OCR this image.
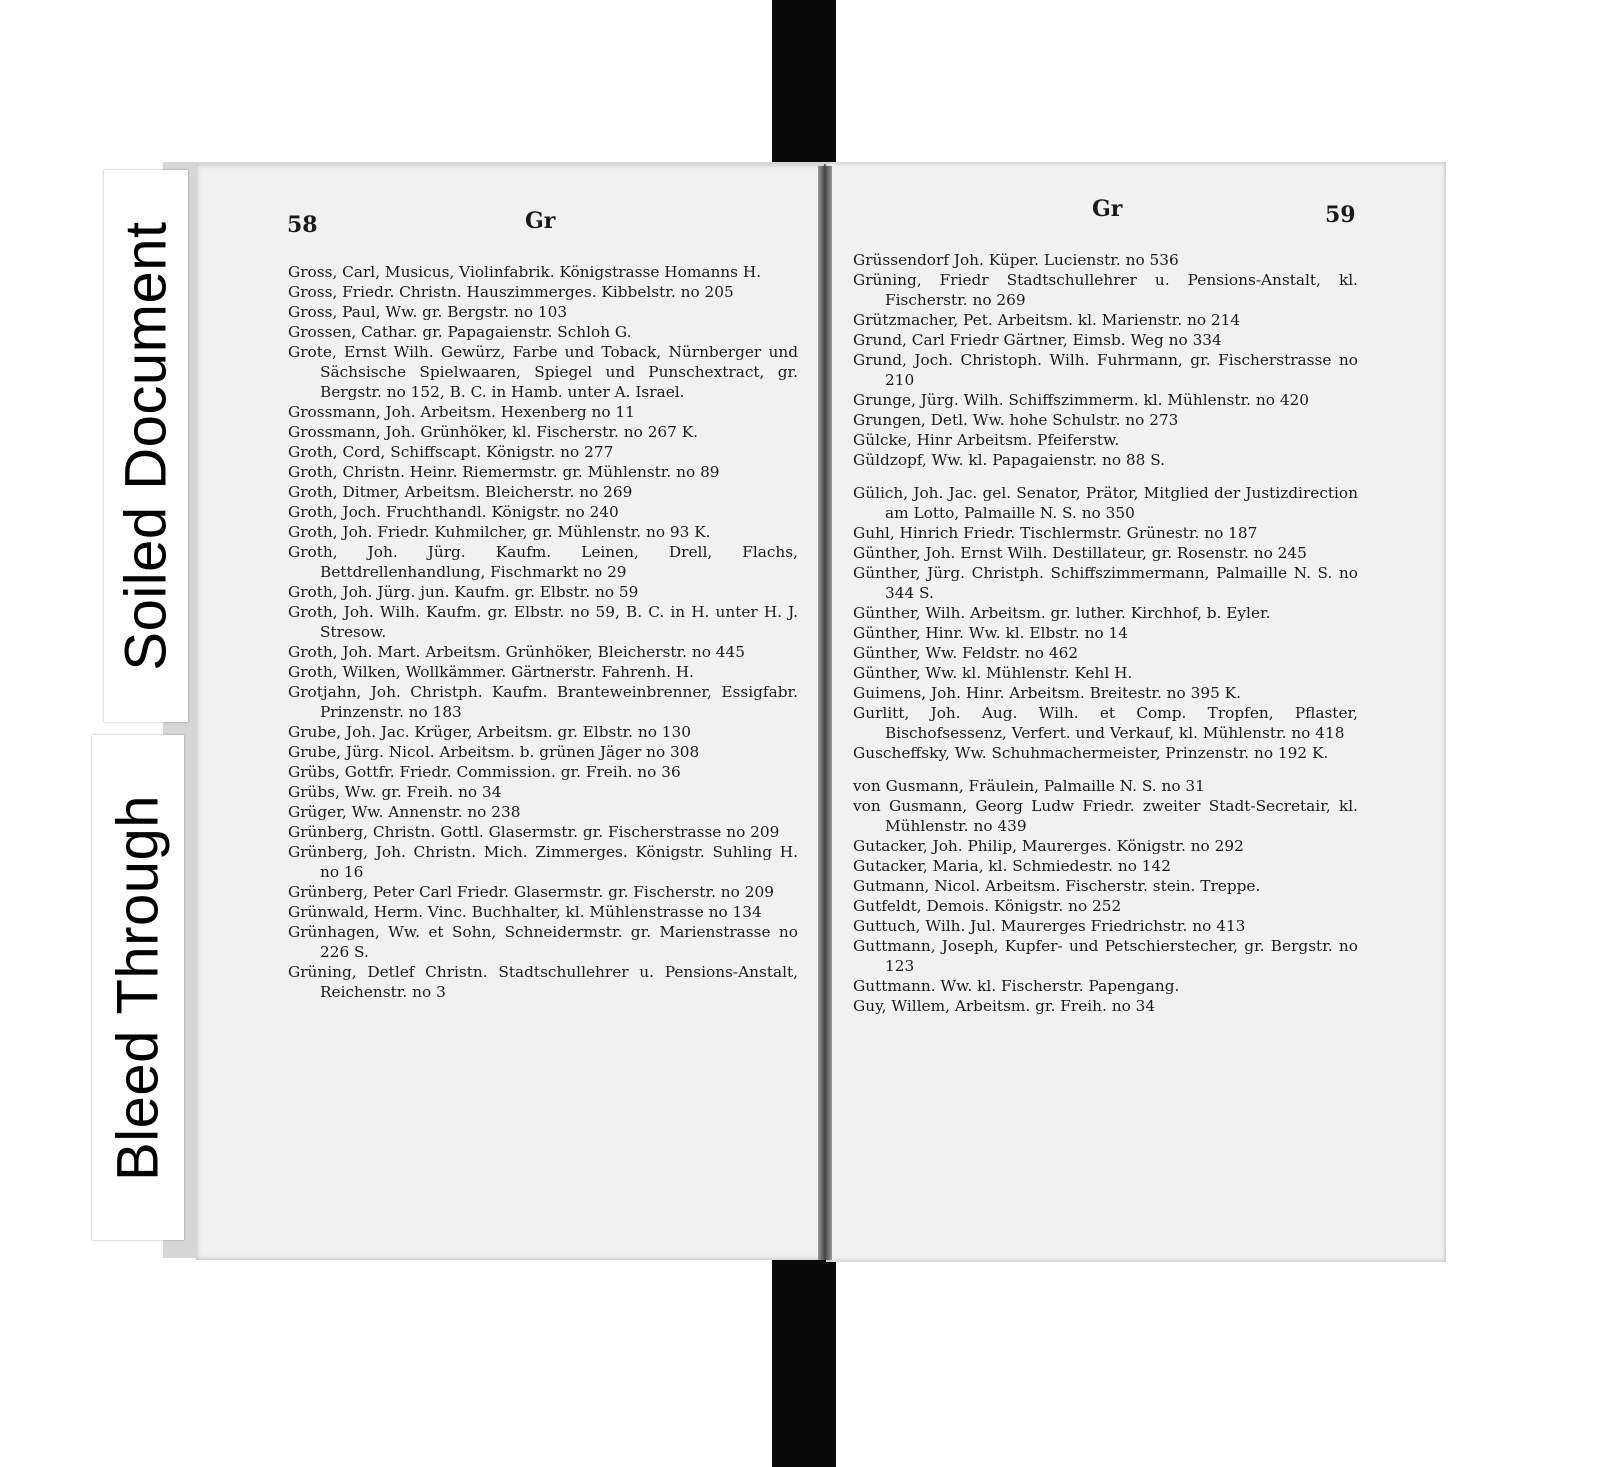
Soiled Document
Bleed Through
58	Gr	Gr	59
Gross, Carl, Musicus, Violinfabrik. Königstrasse Homanns H.
Gross, Friedr. Christn. Hauszimmerges. Kibbelstr. no 205
Gross, Paul, Ww. gr. Bergstr. no 103
Grossen, Cathar. gr. Papagaienstr. Schloh G.
Grote, Ernst Wilh. Gewürz, Farbe und Toback, Nürnberger und Sächsische Spielwaaren, Spiegel und Punschextract, gr. Bergstr. no 152, B. C. in Hamb. unter A. Israel.
Grossmann, Joh. Arbeitsm. Hexenberg no 11
Grossmann, Joh. Grünhöker, kl. Fischerstr. no 267 K.
Groth, Cord, Schiffscapt. Königstr. no 277
Groth, Christn. Heinr. Riemermstr. gr. Mühlenstr. no 89
Groth, Ditmer, Arbeitsm. Bleicherstr. no 269
Groth, Joch. Fruchthandl. Königstr. no 240
Groth, Joh. Friedr. Kuhmilcher, gr. Mühlenstr. no 93 K.
Groth, Joh. Jürg. Kaufm. Leinen, Drell, Flachs, Bettdrellenhandlung, Fischmarkt no 29
Groth, Joh. Jürg. jun. Kaufm. gr. Elbstr. no 59
Groth, Joh. Wilh. Kaufm. gr. Elbstr. no 59, B. C. in H. unter H. J. Stresow.
Groth, Joh. Mart. Arbeitsm. Grünhöker, Bleicherstr. no 445
Groth, Wilken, Wollkämmer. Gärtnerstr. Fahrenh. H.
Grotjahn, Joh. Christph. Kaufm. Branteweinbrenner, Essigfabr. Prinzenstr. no 183
Grube, Joh. Jac. Krüger, Arbeitsm. gr. Elbstr. no 130
Grube, Jürg. Nicol. Arbeitsm. b. grünen Jäger no 308
Grübs, Gottfr. Friedr. Commission. gr. Freih. no 36
Grübs, Ww. gr. Freih. no 34
Grüger, Ww. Annenstr. no 238
Grünberg, Christn. Gottl. Glasermstr. gr. Fischerstrasse no 209
Grünberg, Joh. Christn. Mich. Zimmerges. Königstr. Suhling H. no 16
Grünberg, Peter Carl Friedr. Glasermstr. gr. Fischerstr. no 209
Grünwald, Herm. Vinc. Buchhalter, kl. Mühlenstrasse no 134
Grünhagen, Ww. et Sohn, Schneidermstr. gr. Marienstrasse no 226 S.
Grüning, Detlef Christn. Stadtschullehrer u. Pensions-Anstalt, Reichenstr. no 3
Grüssendorf Joh. Küper. Lucienstr. no 536
Grüning, Friedr Stadtschullehrer u. Pensions-Anstalt, kl. Fischerstr. no 269
Grützmacher, Pet. Arbeitsm. kl. Marienstr. no 214
Grund, Carl Friedr Gärtner, Eimsb. Weg no 334
Grund, Joch. Christoph. Wilh. Fuhrmann, gr. Fischerstrasse no 210
Grunge, Jürg. Wilh. Schiffszimmerm. kl. Mühlenstr. no 420
Grungen, Detl. Ww. hohe Schulstr. no 273
Gülcke, Hinr Arbeitsm. Pfeiferstw.
Güldzopf, Ww. kl. Papagaienstr. no 88 S.
Gülich, Joh. Jac. gel. Senator, Prätor, Mitglied der Justizdirection am Lotto, Palmaille N. S. no 350
Guhl, Hinrich Friedr. Tischlermstr. Grünestr. no 187
Günther, Joh. Ernst Wilh. Destillateur, gr. Rosenstr. no 245
Günther, Jürg. Christph. Schiffszimmermann, Palmaille N. S. no 344 S.
Günther, Wilh. Arbeitsm. gr. luther. Kirchhof, b. Eyler.
Günther, Hinr. Ww. kl. Elbstr. no 14
Günther, Ww. Feldstr. no 462
Günther, Ww. kl. Mühlenstr. Kehl H.
Guimens, Joh. Hinr. Arbeitsm. Breitestr. no 395 K.
Gurlitt, Joh. Aug. Wilh. et Comp. Tropfen, Pflaster, Bischofsessenz, Verfert. und Verkauf, kl. Mühlenstr. no 418
Guscheffsky, Ww. Schuhmachermeister, Prinzenstr. no 192 K.
von Gusmann, Fräulein, Palmaille N. S. no 31
von Gusmann, Georg Ludw Friedr. zweiter Stadt-Secretair, kl. Mühlenstr. no 439
Gutacker, Joh. Philip, Maurerges. Königstr. no 292
Gutacker, Maria, kl. Schmiedestr. no 142
Gutmann, Nicol. Arbeitsm. Fischerstr. stein. Treppe.
Gutfeldt, Demois. Königstr. no 252
Guttuch, Wilh. Jul. Maurerges Friedrichstr. no 413
Guttmann, Joseph, Kupfer- und Petschierstecher, gr. Bergstr. no 123
Guttmann. Ww. kl. Fischerstr. Papengang.
Guy, Willem, Arbeitsm. gr. Freih. no 34
